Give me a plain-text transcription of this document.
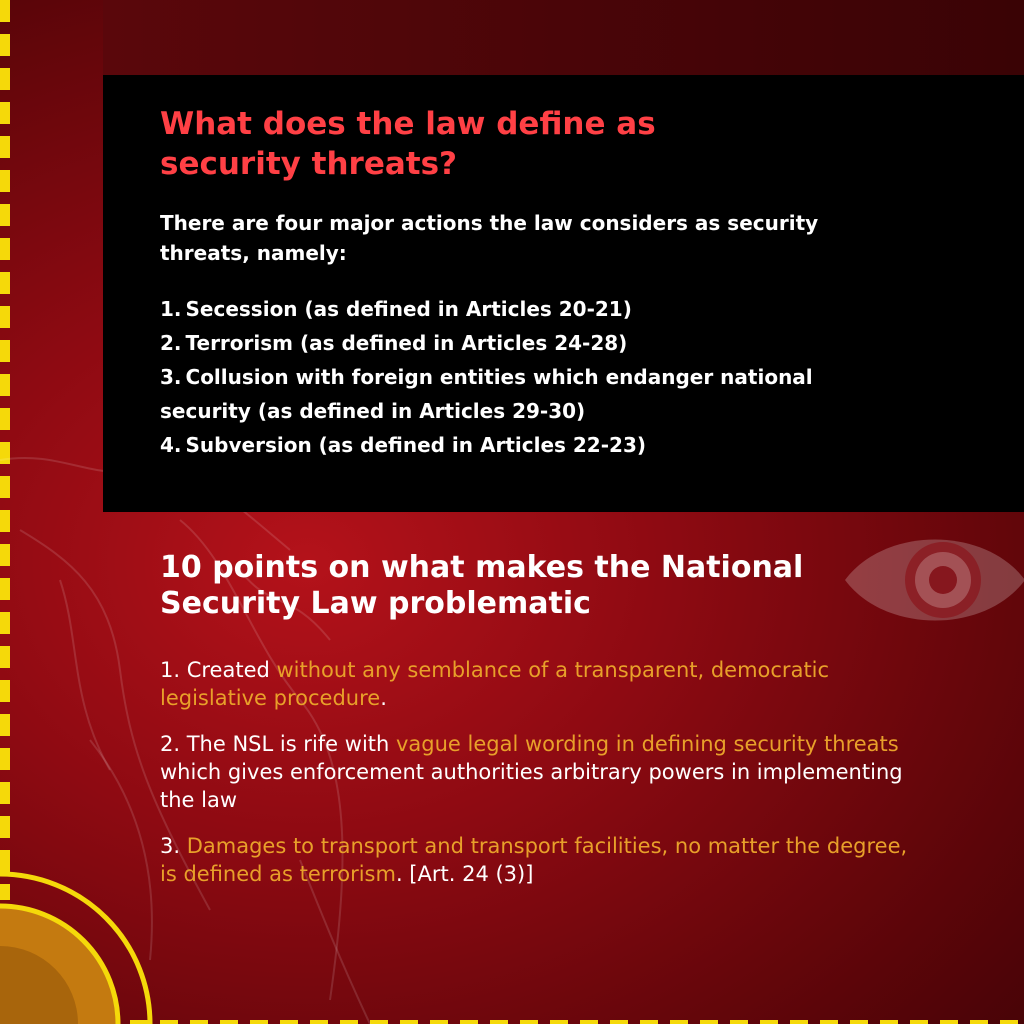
What does the law define as security threats?

There are four major actions the law considers as security threats, namely:

1. Secession (as defined in Articles 20-21)
2. Terrorism (as defined in Articles 24-28)
3. Collusion with foreign entities which endanger national security (as defined in Articles 29-30)
4. Subversion (as defined in Articles 22-23)
10 points on what makes the National Security Law problematic

1. Created without any semblance of a transparent, democratic legislative procedure.

2. The NSL is rife with vague legal wording in defining security threats which gives enforcement authorities arbitrary powers in implementing the law

3. Damages to transport and transport facilities, no matter the degree, is defined as terrorism. [Art. 24 (3)]
